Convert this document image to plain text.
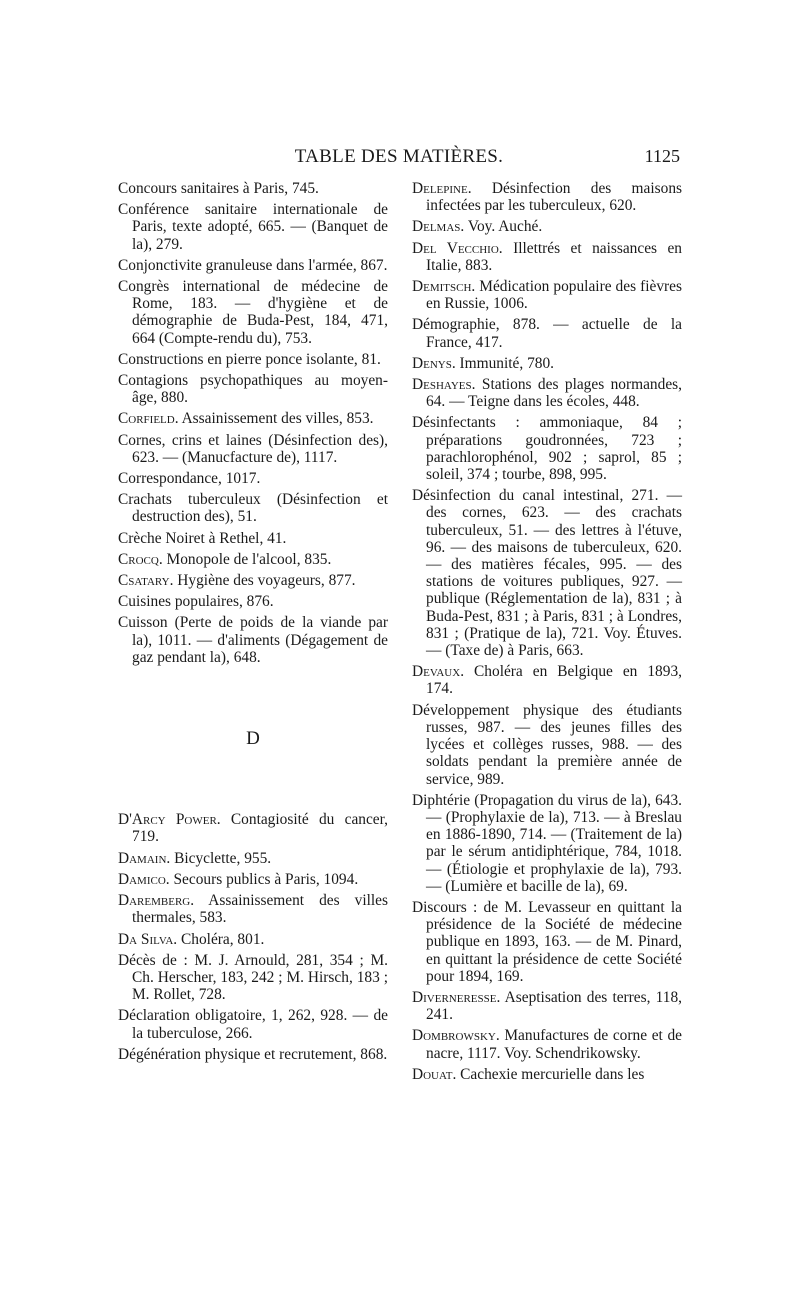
TABLE DES MATIÈRES.	1125
Concours sanitaires à Paris, 745.
Conférence sanitaire internationale de Paris, texte adopté, 665. — (Banquet de la), 279.
Conjonctivite granuleuse dans l'armée, 867.
Congrès international de médecine de Rome, 183. — d'hygiène et de démographie de Buda-Pest, 184, 471, 664 (Compte-rendu du), 753.
Constructions en pierre ponce isolante, 81.
Contagions psychopathiques au moyen-âge, 880.
Corfield. Assainissement des villes, 853.
Cornes, crins et laines (Désinfection des), 623. — (Manucfacture de), 1117.
Correspondance, 1017.
Crachats tuberculeux (Désinfection et destruction des), 51.
Crèche Noiret à Rethel, 41.
Crocq. Monopole de l'alcool, 835.
Csatary. Hygiène des voyageurs, 877.
Cuisines populaires, 876.
Cuisson (Perte de poids de la viande par la), 1011. — d'aliments (Dégagement de gaz pendant la), 648.
D
D'Arcy Power. Contagiosité du cancer, 719.
Damain. Bicyclette, 955.
Damico. Secours publics à Paris, 1094.
Daremberg. Assainissement des villes thermales, 583.
Da Silva. Choléra, 801.
Décès de : M. J. Arnould, 281, 354 ; M. Ch. Herscher, 183, 242 ; M. Hirsch, 183 ; M. Rollet, 728.
Déclaration obligatoire, 1, 262, 928. — de la tuberculose, 266.
Dégénération physique et recrutement, 868.
Delepine. Désinfection des maisons infectées par les tuberculeux, 620.
Delmas. Voy. Auché.
Del Vecchio. Illettrés et naissances en Italie, 883.
Demitsch. Médication populaire des fièvres en Russie, 1006.
Démographie, 878. — actuelle de la France, 417.
Denys. Immunité, 780.
Deshayes. Stations des plages normandes, 64. — Teigne dans les écoles, 448.
Désinfectants : ammoniaque, 84 ; préparations goudronnées, 723 ; parachlorophénol, 902 ; saprol, 85 ; soleil, 374 ; tourbe, 898, 995.
Désinfection du canal intestinal, 271. — des cornes, 623. — des crachats tuberculeux, 51. — des lettres à l'étuve, 96. — des maisons de tuberculeux, 620. — des matières fécales, 995. — des stations de voitures publiques, 927. — publique (Réglementation de la), 831 ; à Buda-Pest, 831 ; à Paris, 831 ; à Londres, 831 ; (Pratique de la), 721. Voy. Étuves. — (Taxe de) à Paris, 663.
Devaux. Choléra en Belgique en 1893, 174.
Développement physique des étudiants russes, 987. — des jeunes filles des lycées et collèges russes, 988. — des soldats pendant la première année de service, 989.
Diphtérie (Propagation du virus de la), 643. — (Prophylaxie de la), 713. — à Breslau en 1886-1890, 714. — (Traitement de la) par le sérum antidiphtérique, 784, 1018. — (Étiologie et prophylaxie de la), 793. — (Lumière et bacille de la), 69.
Discours : de M. Levasseur en quittant la présidence de la Société de médecine publique en 1893, 163. — de M. Pinard, en quittant la présidence de cette Société pour 1894, 169.
Diverneresse. Aseptisation des terres, 118, 241.
Dombrowsky. Manufactures de corne et de nacre, 1117. Voy. Schendrikowsky.
Douat. Cachexie mercurielle dans les
